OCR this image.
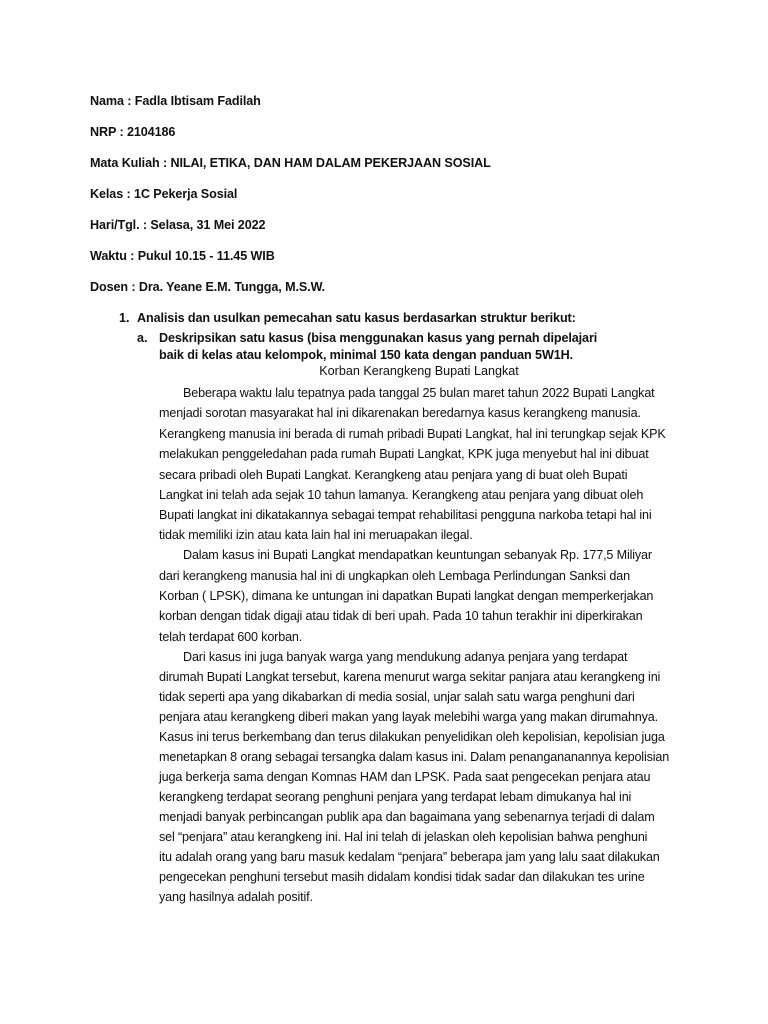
Nama : Fadla Ibtisam Fadilah
NRP : 2104186
Mata Kuliah : NILAI, ETIKA, DAN HAM DALAM PEKERJAAN SOSIAL
Kelas : 1C Pekerja Sosial
Hari/Tgl. : Selasa, 31 Mei 2022
Waktu : Pukul 10.15 - 11.45 WIB
Dosen : Dra. Yeane E.M. Tungga, M.S.W.
1. Analisis dan usulkan pemecahan satu kasus berdasarkan struktur berikut:
a. Deskripsikan satu kasus (bisa menggunakan kasus yang pernah dipelajari
baik di kelas atau kelompok, minimal 150 kata dengan panduan 5W1H.
Korban Kerangkeng Bupati Langkat
Beberapa waktu lalu tepatnya pada tanggal 25 bulan maret tahun 2022 Bupati Langkat
menjadi sorotan masyarakat hal ini dikarenakan beredarnya kasus kerangkeng manusia.
Kerangkeng manusia ini berada di rumah pribadi Bupati Langkat, hal ini terungkap sejak KPK
melakukan penggeledahan pada rumah Bupati Langkat, KPK juga menyebut hal ini dibuat
secara pribadi oleh Bupati Langkat. Kerangkeng atau penjara yang di buat oleh Bupati
Langkat ini telah ada sejak 10 tahun lamanya. Kerangkeng atau penjara yang dibuat oleh
Bupati langkat ini dikatakannya sebagai tempat rehabilitasi pengguna narkoba tetapi hal ini
tidak memiliki izin atau kata lain hal ini meruapakan ilegal.
Dalam kasus ini Bupati Langkat mendapatkan keuntungan sebanyak Rp. 177,5 Miliyar
dari kerangkeng manusia hal ini di ungkapkan oleh Lembaga Perlindungan Sanksi dan
Korban ( LPSK), dimana ke untungan ini dapatkan Bupati langkat dengan memperkerjakan
korban dengan tidak digaji atau tidak di beri upah. Pada 10 tahun terakhir ini diperkirakan
telah terdapat 600 korban.
Dari kasus ini juga banyak warga yang mendukung adanya penjara yang terdapat
dirumah Bupati Langkat tersebut, karena menurut warga sekitar panjara atau kerangkeng ini
tidak seperti apa yang dikabarkan di media sosial, unjar salah satu warga penghuni dari
penjara atau kerangkeng diberi makan yang layak melebihi warga yang makan dirumahnya.
Kasus ini terus berkembang dan terus dilakukan penyelidikan oleh kepolisian, kepolisian juga
menetapkan 8 orang sebagai tersangka dalam kasus ini. Dalam penangananannya kepolisian
juga berkerja sama dengan Komnas HAM dan LPSK. Pada saat pengecekan penjara atau
kerangkeng terdapat seorang penghuni penjara yang terdapat lebam dimukanya hal ini
menjadi banyak perbincangan publik apa dan bagaimana yang sebenarnya terjadi di dalam
sel “penjara” atau kerangkeng ini. Hal ini telah di jelaskan oleh kepolisian bahwa penghuni
itu adalah orang yang baru masuk kedalam “penjara” beberapa jam yang lalu saat dilakukan
pengecekan penghuni tersebut masih didalam kondisi tidak sadar dan dilakukan tes urine
yang hasilnya adalah positif.
